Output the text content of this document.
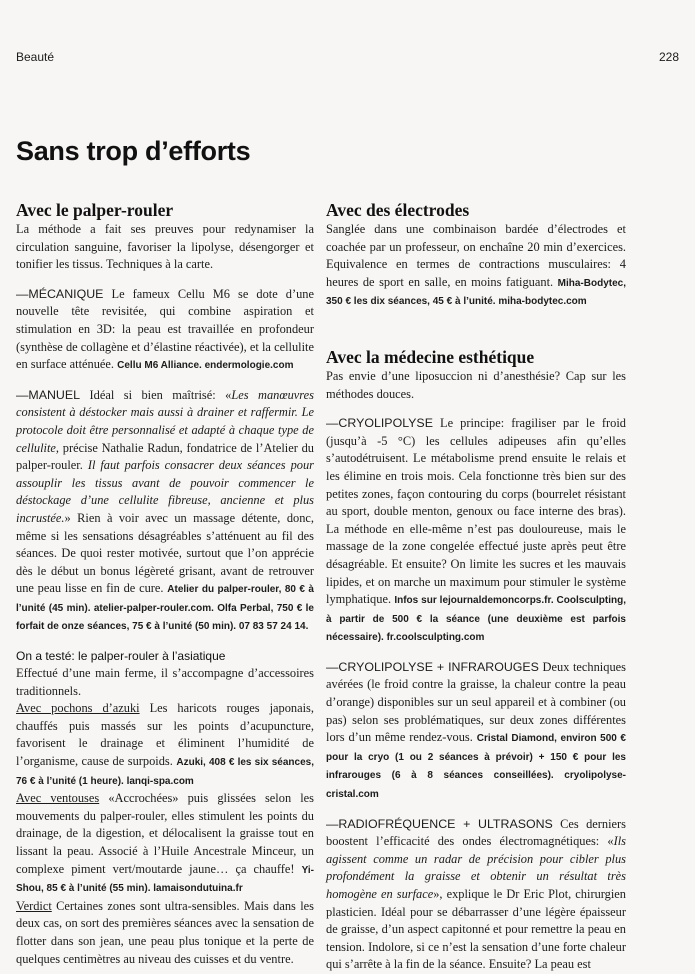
Beauté	228
Sans trop d’efforts
Avec le palper-rouler

La méthode a fait ses preuves pour redynamiser la circulation sanguine, favoriser la lipolyse, désengorger et tonifier les tissus. Techniques à la carte.

—MÉCANIQUE Le fameux Cellu M6 se dote d’une nouvelle tête revisitée, qui combine aspiration et stimulation en 3D: la peau est travaillée en profondeur (synthèse de collagène et d’élastine réactivée), et la cellulite en surface atténuée. Cellu M6 Alliance. endermologie.com

—MANUEL Idéal si bien maîtrisé: «Les manœuvres consistent à déstocker mais aussi à drainer et raffermir. Le protocole doit être personnalisé et adapté à chaque type de cellulite, précise Nathalie Radun, fondatrice de l’Atelier du palper-rouler. Il faut parfois consacrer deux séances pour assouplir les tissus avant de pouvoir commencer le déstockage d’une cellulite fibreuse, ancienne et plus incrustée.» Rien à voir avec un massage détente, donc, même si les sensations désagréables s’atténuent au fil des séances. De quoi rester motivée, surtout que l’on apprécie dès le début un bonus légèreté grisant, avant de retrouver une peau lisse en fin de cure. Atelier du palper-rouler, 80 € à l’unité (45 min). atelier-palper-rouler.com. Olfa Perbal, 750 € le forfait de onze séances, 75 € à l’unité (50 min). 07 83 57 24 14.

On a testé: le palper-rouler à l’asiatique

Effectué d’une main ferme, il s’accompagne d’accessoires traditionnels.

Avec pochons d’azuki Les haricots rouges japonais, chauffés puis massés sur les points d’acupuncture, favorisent le drainage et éliminent l’humidité de l’organisme, cause de surpoids. Azuki, 408 € les six séances, 76 € à l’unité (1 heure). lanqi-spa.com

Avec ventouses «Accrochées» puis glissées selon les mouvements du palper-rouler, elles stimulent les points du drainage, de la digestion, et délocalisent la graisse tout en lissant la peau. Associé à l’Huile Ancestrale Minceur, un complexe piment vert/moutarde jaune… ça chauffe! Yi-Shou, 85 € à l’unité (55 min). lamaisondutuina.fr

Verdict Certaines zones sont ultra-sensibles. Mais dans les deux cas, on sort des premières séances avec la sensation de flotter dans son jean, une peau plus tonique et la perte de quelques centimètres au niveau des cuisses et du ventre.

Avec des électrodes

Sanglée dans une combinaison bardée d’électrodes et coachée par un professeur, on enchaîne 20 min d’exercices. Equivalence en termes de contractions musculaires: 4 heures de sport en salle, en moins fatiguant. Miha-Bodytec, 350 € les dix séances, 45 € à l’unité. miha-bodytec.com

Avec la médecine esthétique

Pas envie d’une liposuccion ni d’anesthésie? Cap sur les méthodes douces.

—CRYOLIPOLYSE Le principe: fragiliser par le froid (jusqu’à -5 °C) les cellules adipeuses afin qu’elles s’autodétruisent. Le métabolisme prend ensuite le relais et les élimine en trois mois. Cela fonctionne très bien sur des petites zones, façon contouring du corps (bourrelet résistant au sport, double menton, genoux ou face interne des bras). La méthode en elle-même n’est pas douloureuse, mais le massage de la zone congelée effectué juste après peut être désagréable. Et ensuite? On limite les sucres et les mauvais lipides, et on marche un maximum pour stimuler le système lymphatique. Infos sur lejournaldemoncorps.fr. Coolsculpting, à partir de 500 € la séance (une deuxième est parfois nécessaire). fr.coolsculpting.com

—CRYOLIPOLYSE + INFRAROUGES Deux techniques avérées (le froid contre la graisse, la chaleur contre la peau d’orange) disponibles sur un seul appareil et à combiner (ou pas) selon ses problématiques, sur deux zones différentes lors d’un même rendez-vous. Cristal Diamond, environ 500 € pour la cryo (1 ou 2 séances à prévoir) + 150 € pour les infrarouges (6 à 8 séances conseillées). cryolipolyse-cristal.com

—RADIOFRÉQUENCE + ULTRASONS Ces derniers boostent l’efficacité des ondes électromagnétiques: «Ils agissent comme un radar de précision pour cibler plus profondément la graisse et obtenir un résultat très homogène en surface», explique le Dr Eric Plot, chirurgien plasticien. Idéal pour se débarrasser d’une légère épaisseur de graisse, d’un aspect capitonné et pour remettre la peau en tension. Indolore, si ce n’est la sensation d’une forte chaleur qui s’arrête à la fin de la séance. Ensuite? La peau est
